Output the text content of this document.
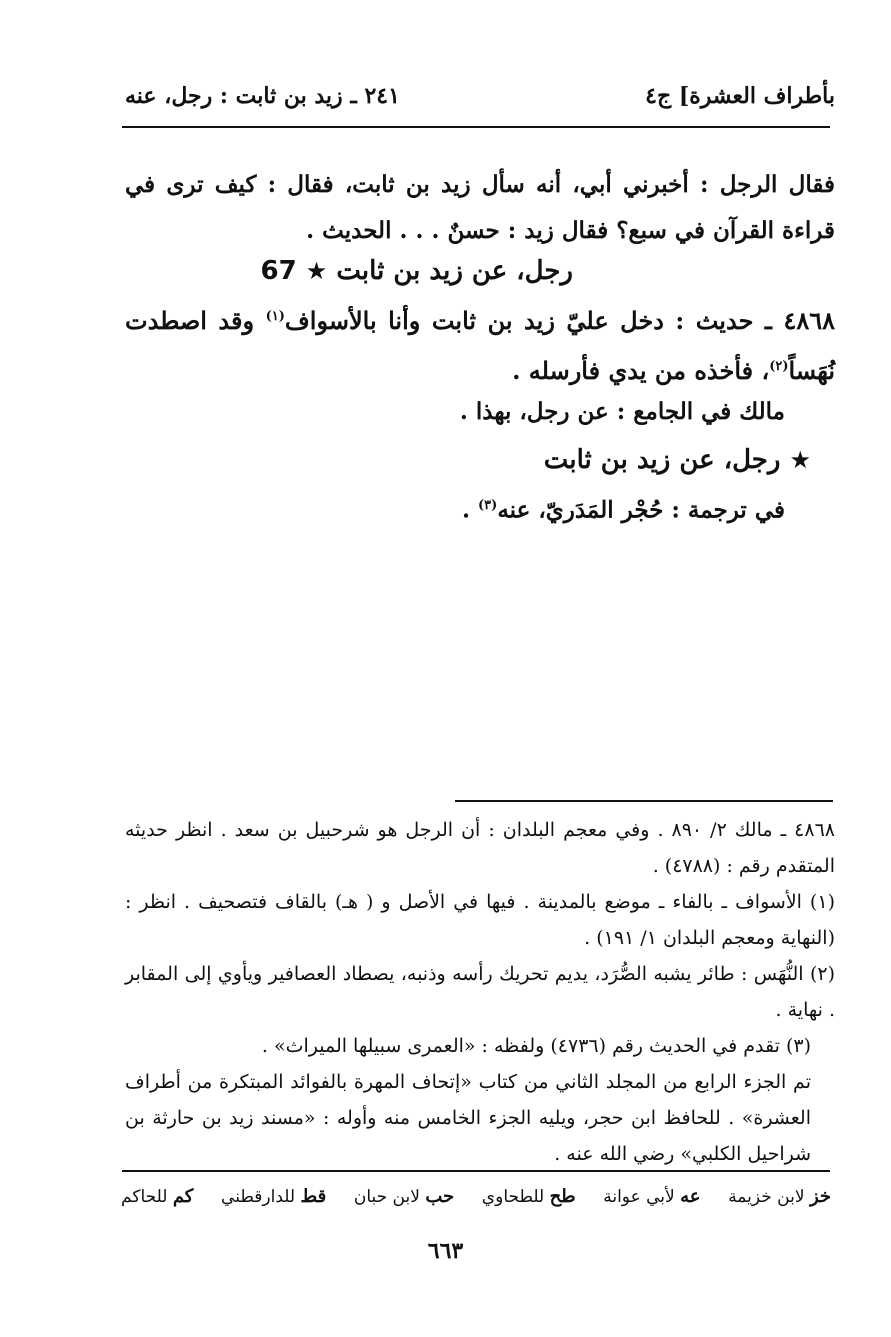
بأطراف العشرة] ج٤
٢٤١ ـ زيد بن ثابت : رجل، عنه
فقال الرجل : أخبرني أبي، أنه سأل زيد بن ثابت، فقال : كيف ترى في قراءة القرآن في سبع؟ فقال زيد : حسنٌ . . . الحديث .
رجل، عن زيد بن ثابت ★ 67
٤٨٦٨ ـ حديث : دخل عليّ زيد بن ثابت وأنا بالأسواف$^{(١)}$ وقد اصطدت نُهَساً$^{(٢)}$، فأخذه من يدي فأرسله .
مالك في الجامع : عن رجل، بهذا .
★ رجل، عن زيد بن ثابت
في ترجمة : حُجْر المَدَريّ، عنه$^{(٣)}$ .

٤٨٦٨ ـ مالك ٢/ ٨٩٠ . وفي معجم البلدان : أن الرجل هو شرحبيل بن سعد . انظر حديثه المتقدم رقم : (٤٧٨٨) .

(١) الأسواف ـ بالفاء ـ موضع بالمدينة . فيها في الأصل و ( هـ) بالقاف فتصحيف . انظر : (النهاية ومعجم البلدان ١/ ١٩١) .

(٢) النُّهَس : طائر يشبه الصُّرَد، يديم تحريك رأسه وذنبه، يصطاد العصافير ويأوي إلى المقابر . نهاية .

(٣) تقدم في الحديث رقم (٤٧٣٦) ولفظه : «العمرى سبيلها الميراث» .

تم الجزء الرابع من المجلد الثاني من كتاب «إتحاف المهرة بالفوائد المبتكرة من أطراف العشرة» . للحافظ ابن حجر، ويليه الجزء الخامس منه وأوله : «مسند زيد بن حارثة بن شراحيل الكلبي» رضي الله عنه .

خز لابن خزيمة
عه لأبي عوانة
طح للطحاوي
حب لابن حبان
قط للدارقطني
كم للحاكم
٦٦٣
